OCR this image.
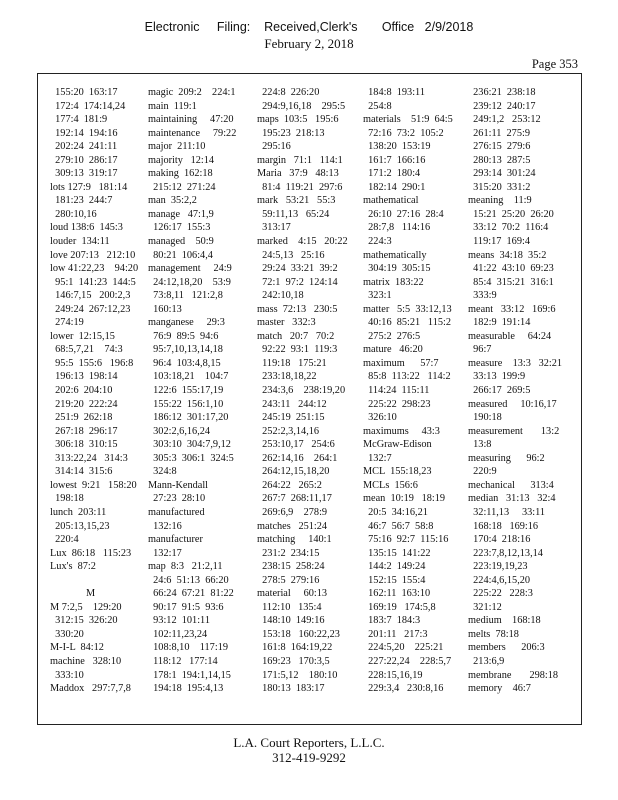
Electronic     Filing:    Received,Clerk's       Office   2/9/2018
February 2, 2018
Page 353
155:20  163:17
172:4  174:14,24
177:4  181:9
192:14  194:16
202:24  241:11
279:10  286:17
309:13  319:17
lots 127:9   181:14
181:23  244:7
280:10,16
loud 138:6  145:3
louder  134:11
love 207:13   212:10
low 41:22,23    94:20
95:1  141:23  144:5
146:7,15   200:2,3
249:24  267:12,23
274:19
lower  12:15,15
68:5,7,21    74:3
95:5  155:6   196:8
196:13  198:14
202:6  204:10
219:20  222:24
251:9  262:18
267:18  296:17
306:18  310:15
313:22,24   314:3
314:14  315:6
lowest  9:21   158:20
198:18
lunch  203:11
205:13,15,23
220:4
Lux  86:18   115:23
Lux's  87:2

M
M 7:2,5    129:20
312:15  326:20
330:20
M-I-L  84:12
machine   328:10
333:10
Maddox   297:7,7,8
magic  209:2    224:1
main  119:1
maintaining     47:20
maintenance     79:22
major  211:10
majority   12:14
making  162:18
215:12  271:24
man  35:2,2
manage   47:1,9
126:17  155:3
managed    50:9
80:21  106:4,4
management     24:9
24:12,18,20    53:9
73:8,11   121:2,8
160:13
manganese     29:3
76:9  89:5  94:6
95:7,10,13,14,18
96:4  103:4,8,15
103:18,21    104:7
122:6  155:17,19
155:22  156:1,10
186:12  301:17,20
302:2,6,16,24
303:10  304:7,9,12
305:3  306:1  324:5
324:8
Mann-Kendall
27:23  28:10
manufactured
132:16
manufacturer
132:17
map  8:3   21:2,11
24:6  51:13  66:20
66:24  67:21  81:22
90:17  91:5  93:6
93:12  101:11
102:11,23,24
108:8,10    117:19
118:12   177:14
178:1  194:1,14,15
194:18  195:4,13
224:8  226:20
294:9,16,18    295:5
maps  103:5   195:6
195:23  218:13
295:16
margin   71:1   114:1
Maria   37:9   48:13
81:4  119:21  297:6
mark   53:21   55:3
59:11,13   65:24
313:17
marked    4:15   20:22
24:5,13   25:16
29:24  33:21  39:2
72:1  97:2  124:14
242:10,18
mass  72:13   230:5
master   332:3
match   20:7   70:2
92:22  93:1  119:3
119:18   175:21
233:18,18,22
234:3,6    238:19,20
243:11   244:12
245:19  251:15
252:2,3,14,16
253:10,17   254:6
262:14,16    264:1
264:12,15,18,20
264:22   265:2
267:7  268:11,17
269:6,9    278:9
matches   251:24
matching     140:1
231:2  234:15
238:15  258:24
278:5  279:16
material     60:13
112:10   135:4
148:10  149:16
153:18   160:22,23
161:8  164:19,22
169:23   170:3,5
171:5,12    180:10
180:13  183:17
184:8  193:11
254:8
materials    51:9  64:5
72:16  73:2  105:2
138:20  153:19
161:7  166:16
171:2  180:4
182:14  290:1
mathematical
26:10  27:16  28:4
28:7,8   114:16
224:3
mathematically
304:19  305:15
matrix  183:22
323:1
matter   5:5  33:12,13
40:16  85:21   115:2
275:2  276:5
mature   46:20
maximum      57:7
85:8  113:22   114:2
114:24  115:11
225:22  298:23
326:10
maximums     43:3
McGraw-Edison
132:7
MCL  155:18,23
MCLs  156:6
mean  10:19   18:19
20:5  34:16,21
46:7  56:7  58:8
75:16  92:7  115:16
135:15  141:22
144:2  149:24
152:15  155:4
162:11  163:10
169:19   174:5,8
183:7  184:3
201:11   217:3
224:5,20    225:21
227:22,24    228:5,7
228:15,16,19
229:3,4   230:8,16
236:21  238:18
239:12  240:17
249:1,2   253:12
261:11  275:9
276:15  279:6
280:13  287:5
293:14  301:24
315:20  331:2
meaning    11:9
15:21  25:20  26:20
33:12  70:2  116:4
119:17  169:4
means  34:18  35:2
41:22  43:10  69:23
85:4  315:21  316:1
333:9
meant   33:12   169:6
182:9  191:14
measurable     64:24
96:7
measure    13:3   32:21
33:13  199:9
266:17  269:5
measured     10:16,17
190:18
measurement       13:2
13:8
measuring      96:2
220:9
mechanical      313:4
median   31:13   32:4
32:11,13     33:11
168:18   169:16
170:4  218:16
223:7,8,12,13,14
223:19,19,23
224:4,6,15,20
225:22   228:3
321:12
medium    168:18
melts  78:18
members      206:3
213:6,9
membrane       298:18
memory    46:7
L.A. Court Reporters, L.L.C.
312-419-9292
